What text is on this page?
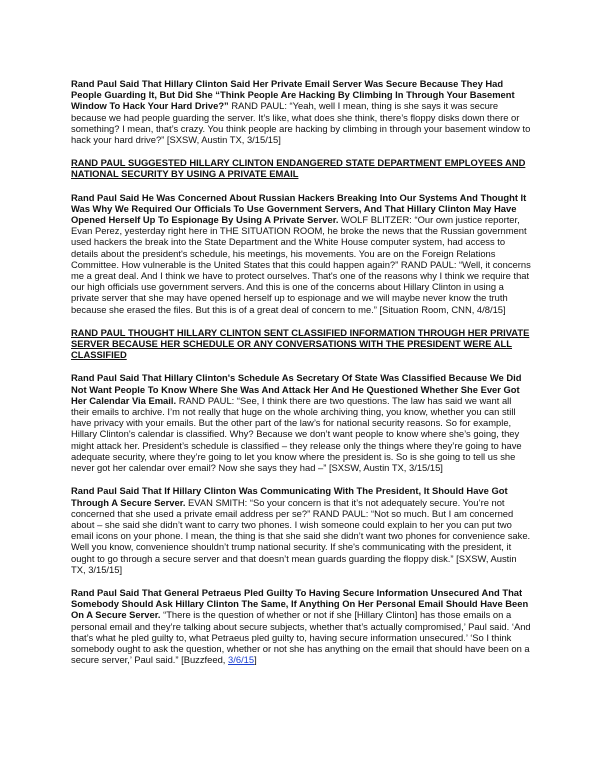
Rand Paul Said That Hillary Clinton Said Her Private Email Server Was Secure Because They Had People Guarding It, But Did She “Think People Are Hacking By Climbing In Through Your Basement Window To Hack Your Hard Drive?” RAND PAUL: “Yeah, well I mean, thing is she says it was secure because we had people guarding the server. It’s like, what does she think, there’s floppy disks down there or something? I mean, that’s crazy. You think people are hacking by climbing in through your basement window to hack your hard drive?” [SXSW, Austin TX, 3/15/15]

RAND PAUL SUGGESTED HILLARY CLINTON ENDANGERED STATE DEPARTMENT EMPLOYEES AND NATIONAL SECURITY BY USING A PRIVATE EMAIL

Rand Paul Said He Was Concerned About Russian Hackers Breaking Into Our Systems And Thought It Was Why We Required Our Officials To Use Government Servers, And That Hillary Clinton May Have Opened Herself Up To Espionage By Using A Private Server. WOLF BLITZER: “Our own justice reporter, Evan Perez, yesterday right here in THE SITUATION ROOM, he broke the news that the Russian government used hackers the break into the State Department and the White House computer system, had access to details about the president's schedule, his meetings, his movements. You are on the Foreign Relations Committee. How vulnerable is the United States that this could happen again?” RAND PAUL: “Well, it concerns me a great deal. And I think we have to protect ourselves. That's one of the reasons why I think we require that our high officials use government servers. And this is one of the concerns about Hillary Clinton in using a private server that she may have opened herself up to espionage and we will maybe never know the truth because she erased the files. But this is of a great deal of concern to me.” [Situation Room, CNN, 4/8/15]

RAND PAUL THOUGHT HILLARY CLINTON SENT CLASSIFIED INFORMATION THROUGH HER PRIVATE SERVER BECAUSE HER SCHEDULE OR ANY CONVERSATIONS WITH THE PRESIDENT WERE ALL CLASSIFIED

Rand Paul Said That Hillary Clinton's Schedule As Secretary Of State Was Classified Because We Did Not Want People To Know Where She Was And Attack Her And He Questioned Whether She Ever Got Her Calendar Via Email. RAND PAUL: “See, I think there are two questions. The law has said we want all their emails to archive. I’m not really that huge on the whole archiving thing, you know, whether you can still have privacy with your emails. But the other part of the law’s for national security reasons. So for example, Hillary Clinton's calendar is classified. Why? Because we don’t want people to know where she’s going, they might attack her. President’s schedule is classified – they release only the things where they’re going to have adequate security, where they’re going to let you know where the president is. So is she going to tell us she never got her calendar over email? Now she says they had –” [SXSW, Austin TX, 3/15/15]

Rand Paul Said That If Hillary Clinton Was Communicating With The President, It Should Have Got Through A Secure Server. EVAN SMITH: “So your concern is that it’s not adequately secure. You’re not concerned that she used a private email address per se?” RAND PAUL: “Not so much. But I am concerned about – she said she didn’t want to carry two phones. I wish someone could explain to her you can put two email icons on your phone. I mean, the thing is that she said she didn’t want two phones for convenience sake. Well you know, convenience shouldn’t trump national security. If she's communicating with the president, it ought to go through a secure server and that doesn’t mean guards guarding the floppy disk.” [SXSW, Austin TX, 3/15/15]

Rand Paul Said That General Petraeus Pled Guilty To Having Secure Information Unsecured And That Somebody Should Ask Hillary Clinton The Same, If Anything On Her Personal Email Should Have Been On A Secure Server. “There is the question of whether or not if she [Hillary Clinton] has those emails on a personal email and they’re talking about secure subjects, whether that’s actually compromised,’ Paul said. ‘And that’s what he pled guilty to, what Petraeus pled guilty to, having secure information unsecured.’ ‘So I think somebody ought to ask the question, whether or not she has anything on the email that should have been on a secure server,’ Paul said.” [Buzzfeed, 3/6/15]
